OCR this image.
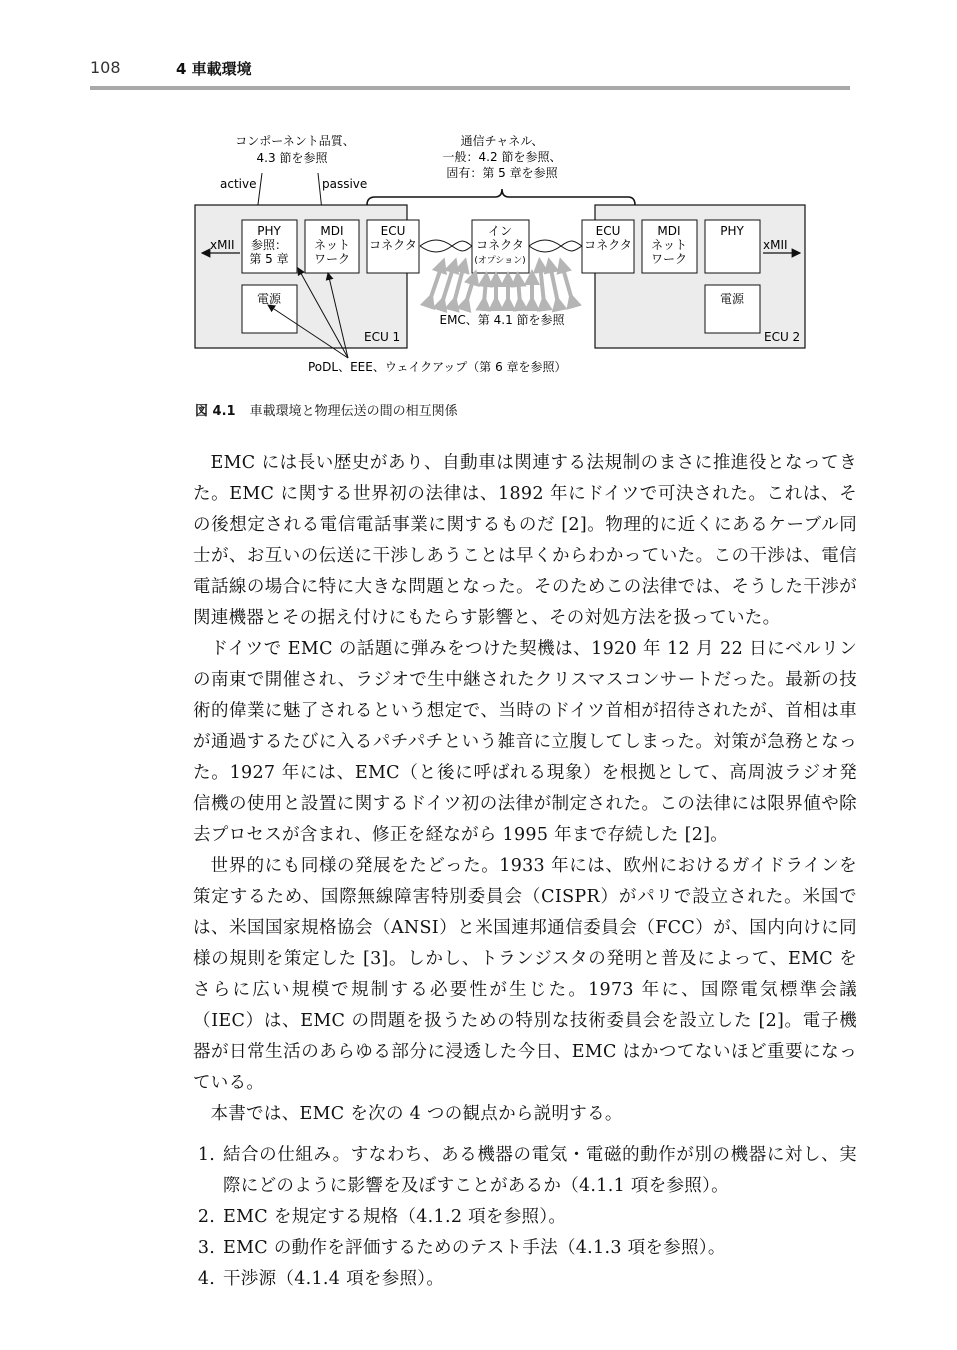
108	4 車載環境
コンポーネント品質、
4.3 節を参照
通信チャネル、
一般：4.2 節を参照、
固有：第 5 章を参照
active	passive
xMII	xMII
PHY
参照：
第 5 章
MDI
ネット
ワーク
ECU
コネクタ
電源
ECU 1
イン
コネクタ
(オプション)
EMC、第 4.1 節を参照
ECU
コネクタ
MDI
ネット
ワーク
PHY
電源
ECU 2
PoDL、EEE、ウェイクアップ（第 6 章を参照）
図 4.1 車載環境と物理伝送の間の相互関係

EMC には長い歴史があり、自動車は関連する法規制のまさに推進役となってきた。EMC に関する世界初の法律は、1892 年にドイツで可決された。これは、その後想定される電信電話事業に関するものだ [2]。物理的に近くにあるケーブル同士が、お互いの伝送に干渉しあうことは早くからわかっていた。この干渉は、電信電話線の場合に特に大きな問題となった。そのためこの法律では、そうした干渉が関連機器とその据え付けにもたらす影響と、その対処方法を扱っていた。

ドイツで EMC の話題に弾みをつけた契機は、1920 年 12 月 22 日にベルリンの南東で開催され、ラジオで生中継されたクリスマスコンサートだった。最新の技術的偉業に魅了されるという想定で、当時のドイツ首相が招待されたが、首相は車が通過するたびに入るパチパチという雑音に立腹してしまった。対策が急務となった。1927 年には、EMC（と後に呼ばれる現象）を根拠として、高周波ラジオ発信機の使用と設置に関するドイツ初の法律が制定された。この法律には限界値や除去プロセスが含まれ、修正を経ながら 1995 年まで存続した [2]。

世界的にも同様の発展をたどった。1933 年には、欧州におけるガイドラインを策定するため、国際無線障害特別委員会（CISPR）がパリで設立された。米国では、米国国家規格協会（ANSI）と米国連邦通信委員会（FCC）が、国内向けに同様の規則を策定した [3]。しかし、トランジスタの発明と普及によって、EMC をさらに広い規模で規制する必要性が生じた。1973 年に、国際電気標準会議（IEC）は、EMC の問題を扱うための特別な技術委員会を設立した [2]。電子機器が日常生活のあらゆる部分に浸透した今日、EMC はかつてないほど重要になっている。

本書では、EMC を次の 4 つの観点から説明する。

1. 結合の仕組み。すなわち、ある機器の電気・電磁的動作が別の機器に対し、実際にどのように影響を及ぼすことがあるか（4.1.1 項を参照）。
2. EMC を規定する規格（4.1.2 項を参照）。
3. EMC の動作を評価するためのテスト手法（4.1.3 項を参照）。
4. 干渉源（4.1.4 項を参照）。
